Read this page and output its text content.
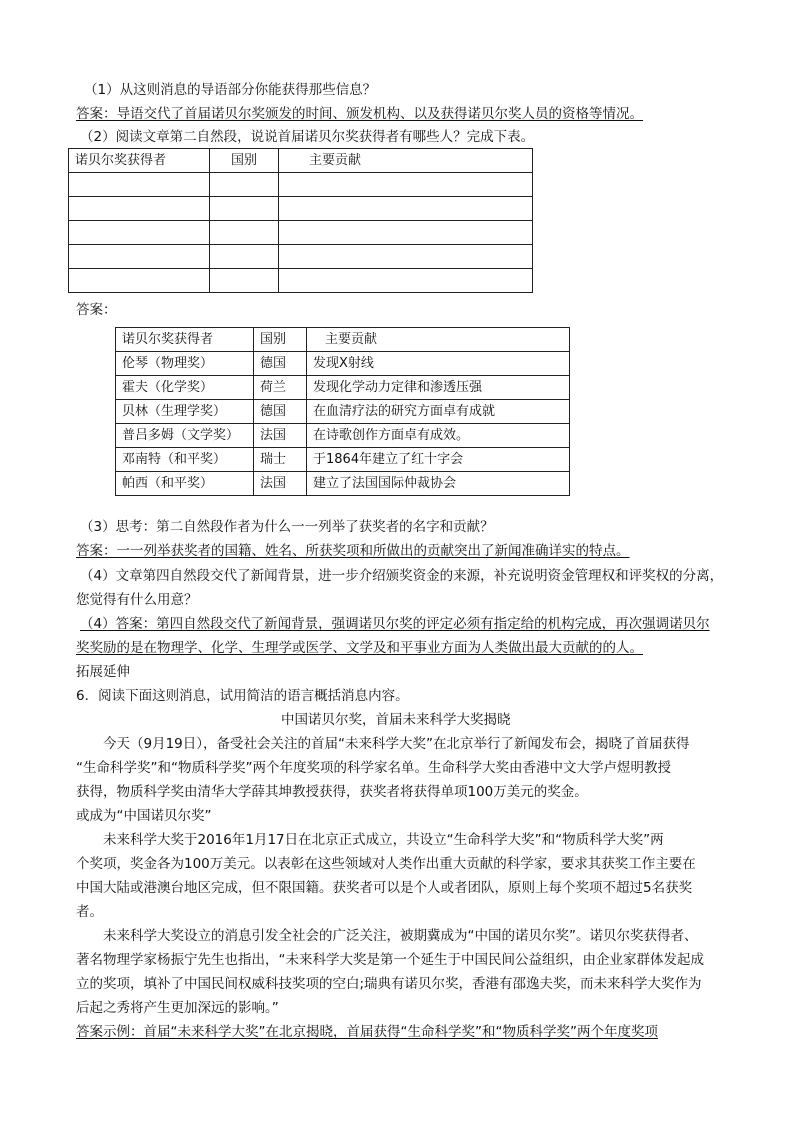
（1）从这则消息的导语部分你能获得那些信息？
答案：导语交代了首届诺贝尔奖颁发的时间、颁发机构、以及获得诺贝尔奖人员的资格等情况。
（2）阅读文章第二自然段，说说首届诺贝尔奖获得者有哪些人？完成下表。
诺贝尔奖获得者	国别	主要贡献

答案：
诺贝尔奖获得者	国别	主要贡献
伦琴（物理奖）	德国	发现X射线
霍夫（化学奖）	荷兰	发现化学动力定律和渗透压强
贝林（生理学奖）	德国	在血清疗法的研究方面卓有成就
普吕多姆（文学奖）	法国	在诗歌创作方面卓有成效。
邓南特（和平奖）	瑞士	于1864年建立了红十字会
帕西（和平奖）	法国	建立了法国国际仲裁协会
（3）思考：第二自然段作者为什么一一列举了获奖者的名字和贡献？
答案：一一列举获奖者的国籍、姓名、所获奖项和所做出的贡献突出了新闻准确详实的特点。
（4）文章第四自然段交代了新闻背景，进一步介绍颁奖资金的来源，补充说明资金管理权和评奖权的分离，
您觉得有什么用意？
（4）答案：第四自然段交代了新闻背景，强调诺贝尔奖的评定必须有指定给的机构完成，再次强调诺贝尔
奖奖励的是在物理学、化学、生理学或医学、文学及和平事业方面为人类做出最大贡献的的人。
拓展延伸
6．阅读下面这则消息，试用简洁的语言概括消息内容。
中国诺贝尔奖，首届未来科学大奖揭晓
今天（9月19日），备受社会关注的首届“未来科学大奖”在北京举行了新闻发布会，揭晓了首届获得
“生命科学奖”和“物质科学奖”两个年度奖项的科学家名单。生命科学大奖由香港中文大学卢煜明教授
获得，物质科学奖由清华大学薛其坤教授获得，获奖者将获得单项100万美元的奖金。
或成为“中国诺贝尔奖”
未来科学大奖于2016年1月17日在北京正式成立，共设立“生命科学大奖”和“物质科学大奖”两
个奖项，奖金各为100万美元。以表彰在这些领域对人类作出重大贡献的科学家，要求其获奖工作主要在
中国大陆或港澳台地区完成，但不限国籍。获奖者可以是个人或者团队，原则上每个奖项不超过5名获奖
者。
未来科学大奖设立的消息引发全社会的广泛关注，被期冀成为“中国的诺贝尔奖”。诺贝尔奖获得者、
著名物理学家杨振宁先生也指出，“未来科学大奖是第一个延生于中国民间公益组织，由企业家群体发起成
立的奖项，填补了中国民间权威科技奖项的空白;瑞典有诺贝尔奖，香港有邵逸夫奖，而未来科学大奖作为
后起之秀将产生更加深远的影响。”
答案示例：首届“未来科学大奖”在北京揭晓，首届获得“生命科学奖”和“物质科学奖”两个年度奖项
